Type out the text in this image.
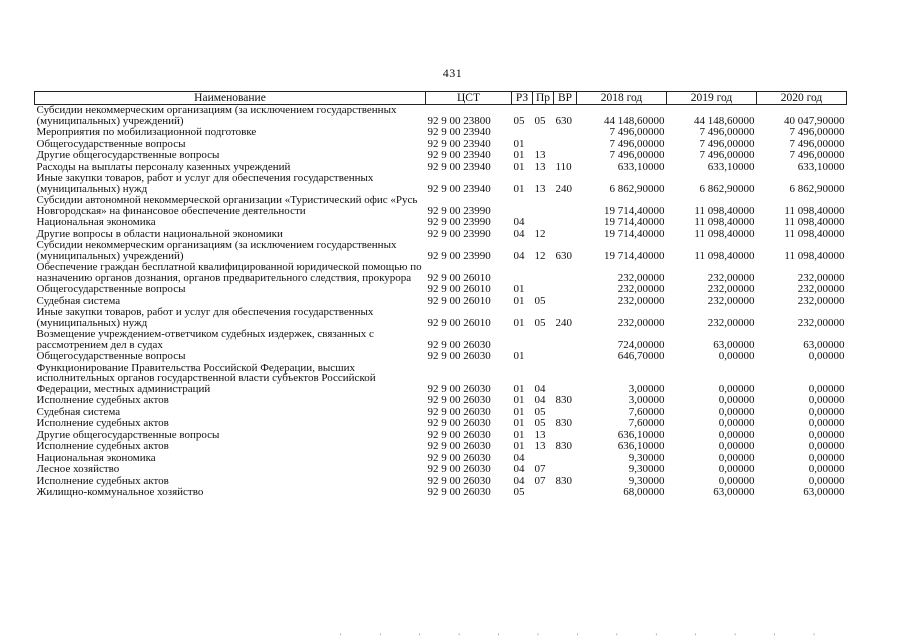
431
Наименование	ЦСТ	РЗ	Пр	ВР	2018 год	2019 год	2020 год
Субсидии некоммерческим организациям (за исключением государственных (муниципальных) учреждений)	92 9 00 23800	05	05	630	44 148,60000	44 148,60000	40 047,90000
Мероприятия по мобилизационной подготовке	92 9 00 23940				7 496,00000	7 496,00000	7 496,00000
Общегосударственные вопросы	92 9 00 23940	01			7 496,00000	7 496,00000	7 496,00000
Другие общегосударственные вопросы	92 9 00 23940	01	13		7 496,00000	7 496,00000	7 496,00000
Расходы на выплаты персоналу казенных учреждений	92 9 00 23940	01	13	110	633,10000	633,10000	633,10000
Иные закупки товаров, работ и услуг для обеспечения государственных (муниципальных) нужд	92 9 00 23940	01	13	240	6 862,90000	6 862,90000	6 862,90000
Субсидии автономной некоммерческой организации «Туристический офис «Русь Новгородская» на финансовое обеспечение деятельности	92 9 00 23990				19 714,40000	11 098,40000	11 098,40000
Национальная экономика	92 9 00 23990	04			19 714,40000	11 098,40000	11 098,40000
Другие вопросы в области национальной экономики	92 9 00 23990	04	12		19 714,40000	11 098,40000	11 098,40000
Субсидии некоммерческим организациям (за исключением государственных (муниципальных) учреждений)	92 9 00 23990	04	12	630	19 714,40000	11 098,40000	11 098,40000
Обеспечение граждан бесплатной квалифицированной юридической помощью по назначению органов дознания, органов предварительного следствия, прокурора	92 9 00 26010				232,00000	232,00000	232,00000
Общегосударственные вопросы	92 9 00 26010	01			232,00000	232,00000	232,00000
Судебная система	92 9 00 26010	01	05		232,00000	232,00000	232,00000
Иные закупки товаров, работ и услуг для обеспечения государственных (муниципальных) нужд	92 9 00 26010	01	05	240	232,00000	232,00000	232,00000
Возмещение учреждением-ответчиком судебных издержек, связанных с рассмотрением дел в судах	92 9 00 26030				724,00000	63,00000	63,00000
Общегосударственные вопросы	92 9 00 26030	01			646,70000	0,00000	0,00000
Функционирование Правительства Российской Федерации, высших исполнительных органов государственной власти субъектов Российской Федерации, местных администраций	92 9 00 26030	01	04		3,00000	0,00000	0,00000
Исполнение судебных актов	92 9 00 26030	01	04	830	3,00000	0,00000	0,00000
Судебная система	92 9 00 26030	01	05		7,60000	0,00000	0,00000
Исполнение судебных актов	92 9 00 26030	01	05	830	7,60000	0,00000	0,00000
Другие общегосударственные вопросы	92 9 00 26030	01	13		636,10000	0,00000	0,00000
Исполнение судебных актов	92 9 00 26030	01	13	830	636,10000	0,00000	0,00000
Национальная экономика	92 9 00 26030	04			9,30000	0,00000	0,00000
Лесное хозяйство	92 9 00 26030	04	07		9,30000	0,00000	0,00000
Исполнение судебных актов	92 9 00 26030	04	07	830	9,30000	0,00000	0,00000
Жилищно-коммунальное хозяйство	92 9 00 26030	05			68,00000	63,00000	63,00000
' ' ' ' ' ' ' ' ' ' ' ' '
